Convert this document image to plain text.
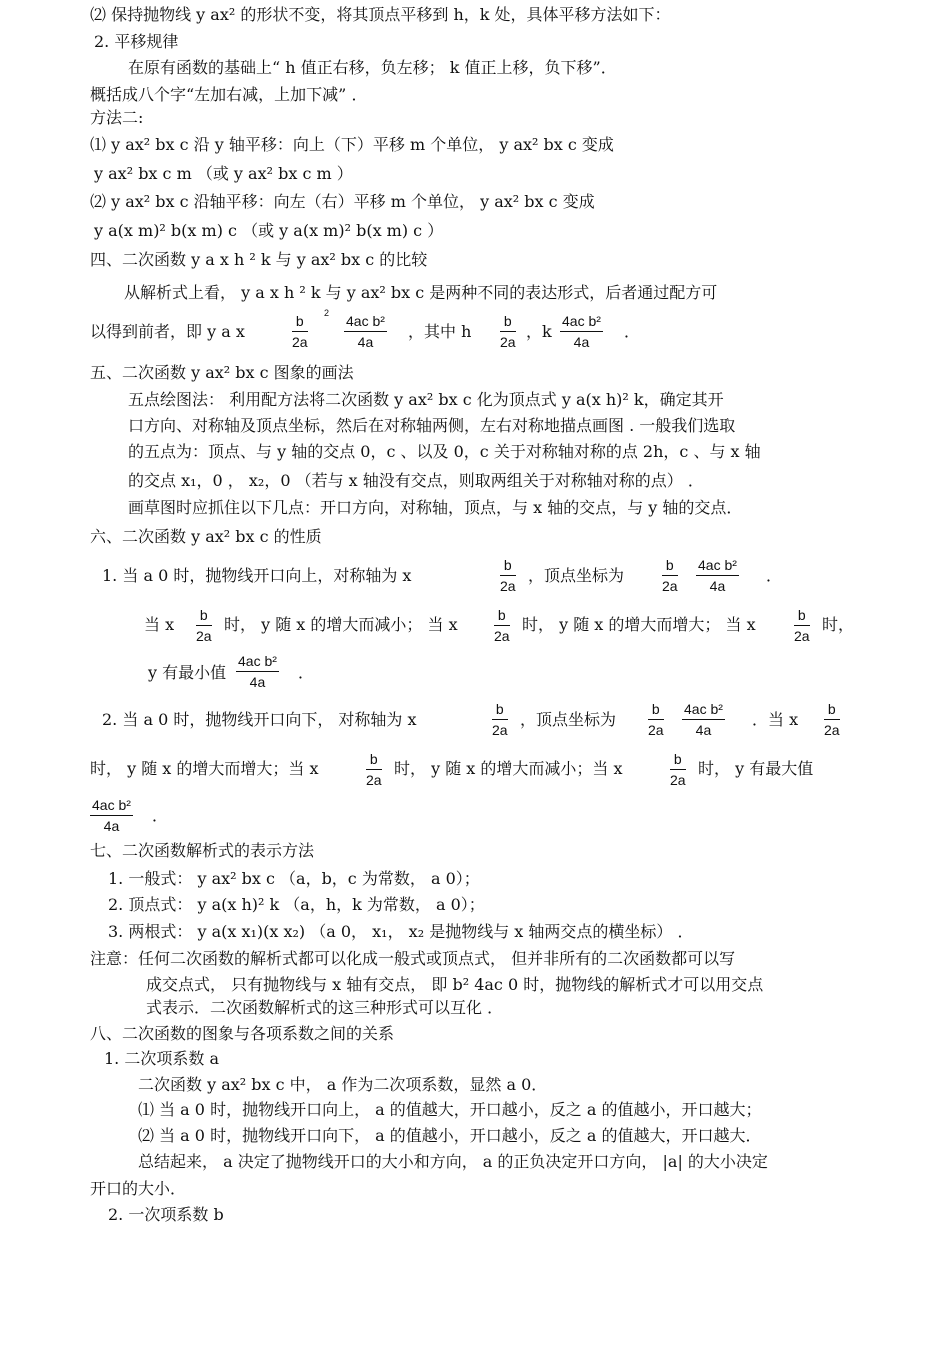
⑵ 保持抛物线 y ax² 的形状不变，将其顶点平移到 h，k 处，具体平移方法如下：
2. 平移规律
在原有函数的基础上“ h 值正右移，负左移； k 值正上移，负下移”．
概括成八个字“左加右减，上加下减” ．
方法二:
⑴ y ax² bx c 沿 y 轴平移：向上（下）平移 m 个单位， y ax² bx c 变成
y ax² bx c m （或 y ax² bx c m ）
⑵ y ax² bx c 沿轴平移：向左（右）平移 m 个单位， y ax² bx c 变成
y a(x m)² b(x m) c （或 y a(x m)² b(x m) c ）
四、二次函数 y a x h ² k 与 y ax² bx c 的比较
从解析式上看， y a x h ² k 与 y ax² bx c 是两种不同的表达形式，后者通过配方可
以得到前者，即 y a x
b
2a
2 4ac b²
4a
，其中 h
b
2a
，k
4ac b²
4a
．
五、二次函数 y ax² bx c 图象的画法
五点绘图法： 利用配方法将二次函数 y ax² bx c 化为顶点式 y a(x h)² k，确定其开
口方向、对称轴及顶点坐标，然后在对称轴两侧，左右对称地描点画图 . 一般我们选取
的五点为：顶点、与 y 轴的交点 0，c 、以及 0，c 关于对称轴对称的点 2h，c 、与 x 轴
的交点 x₁，0 ， x₂，0 （若与 x 轴没有交点，则取两组关于对称轴对称的点） ．
画草图时应抓住以下几点：开口方向，对称轴，顶点，与 x 轴的交点，与 y 轴的交点．
六、二次函数 y ax² bx c 的性质
1. 当 a 0 时，抛物线开口向上，对称轴为 x
b
2a
，顶点坐标为
b
2a
4ac b²
4a
．
当 x b
2a
时， y 随 x 的增大而减小； 当 x	b
2a
时， y 随 x 的增大而增大； 当 x	b
2a
时，
y 有最小值
4ac b²
4a	．
2. 当 a 0 时，抛物线开口向下， 对称轴为 x
b
2a
，顶点坐标为
b
2a
4ac b²
4a
．当 x
b
2a
时， y 随 x 的增大而增大；当 x	b
2a
时， y 随 x 的增大而减小；当 x	b
2a
时， y 有最大值
4ac b²
4a
．
七、二次函数解析式的表示方法
1. 一般式： y ax² bx c （a，b，c 为常数， a 0）；
2. 顶点式： y a(x h)² k （a，h，k 为常数， a 0）；
3. 两根式： y a(x x₁)(x x₂) （a 0， x₁， x₂ 是抛物线与 x 轴两交点的横坐标） ．
注意：任何二次函数的解析式都可以化成一般式或顶点式， 但并非所有的二次函数都可以写
成交点式， 只有抛物线与 x 轴有交点， 即 b² 4ac 0 时，抛物线的解析式才可以用交点
式表示．二次函数解析式的这三种形式可以互化 ．
八、二次函数的图象与各项系数之间的关系
1. 二次项系数 a
二次函数 y ax² bx c 中， a 作为二次项系数，显然 a 0．
⑴ 当 a 0 时，抛物线开口向上， a 的值越大，开口越小，反之 a 的值越小，开口越大；
⑵ 当 a 0 时，抛物线开口向下， a 的值越小，开口越小，反之 a 的值越大，开口越大．
总结起来， a 决定了抛物线开口的大小和方向， a 的正负决定开口方向， |a| 的大小决定
开口的大小．
2. 一次项系数 b
